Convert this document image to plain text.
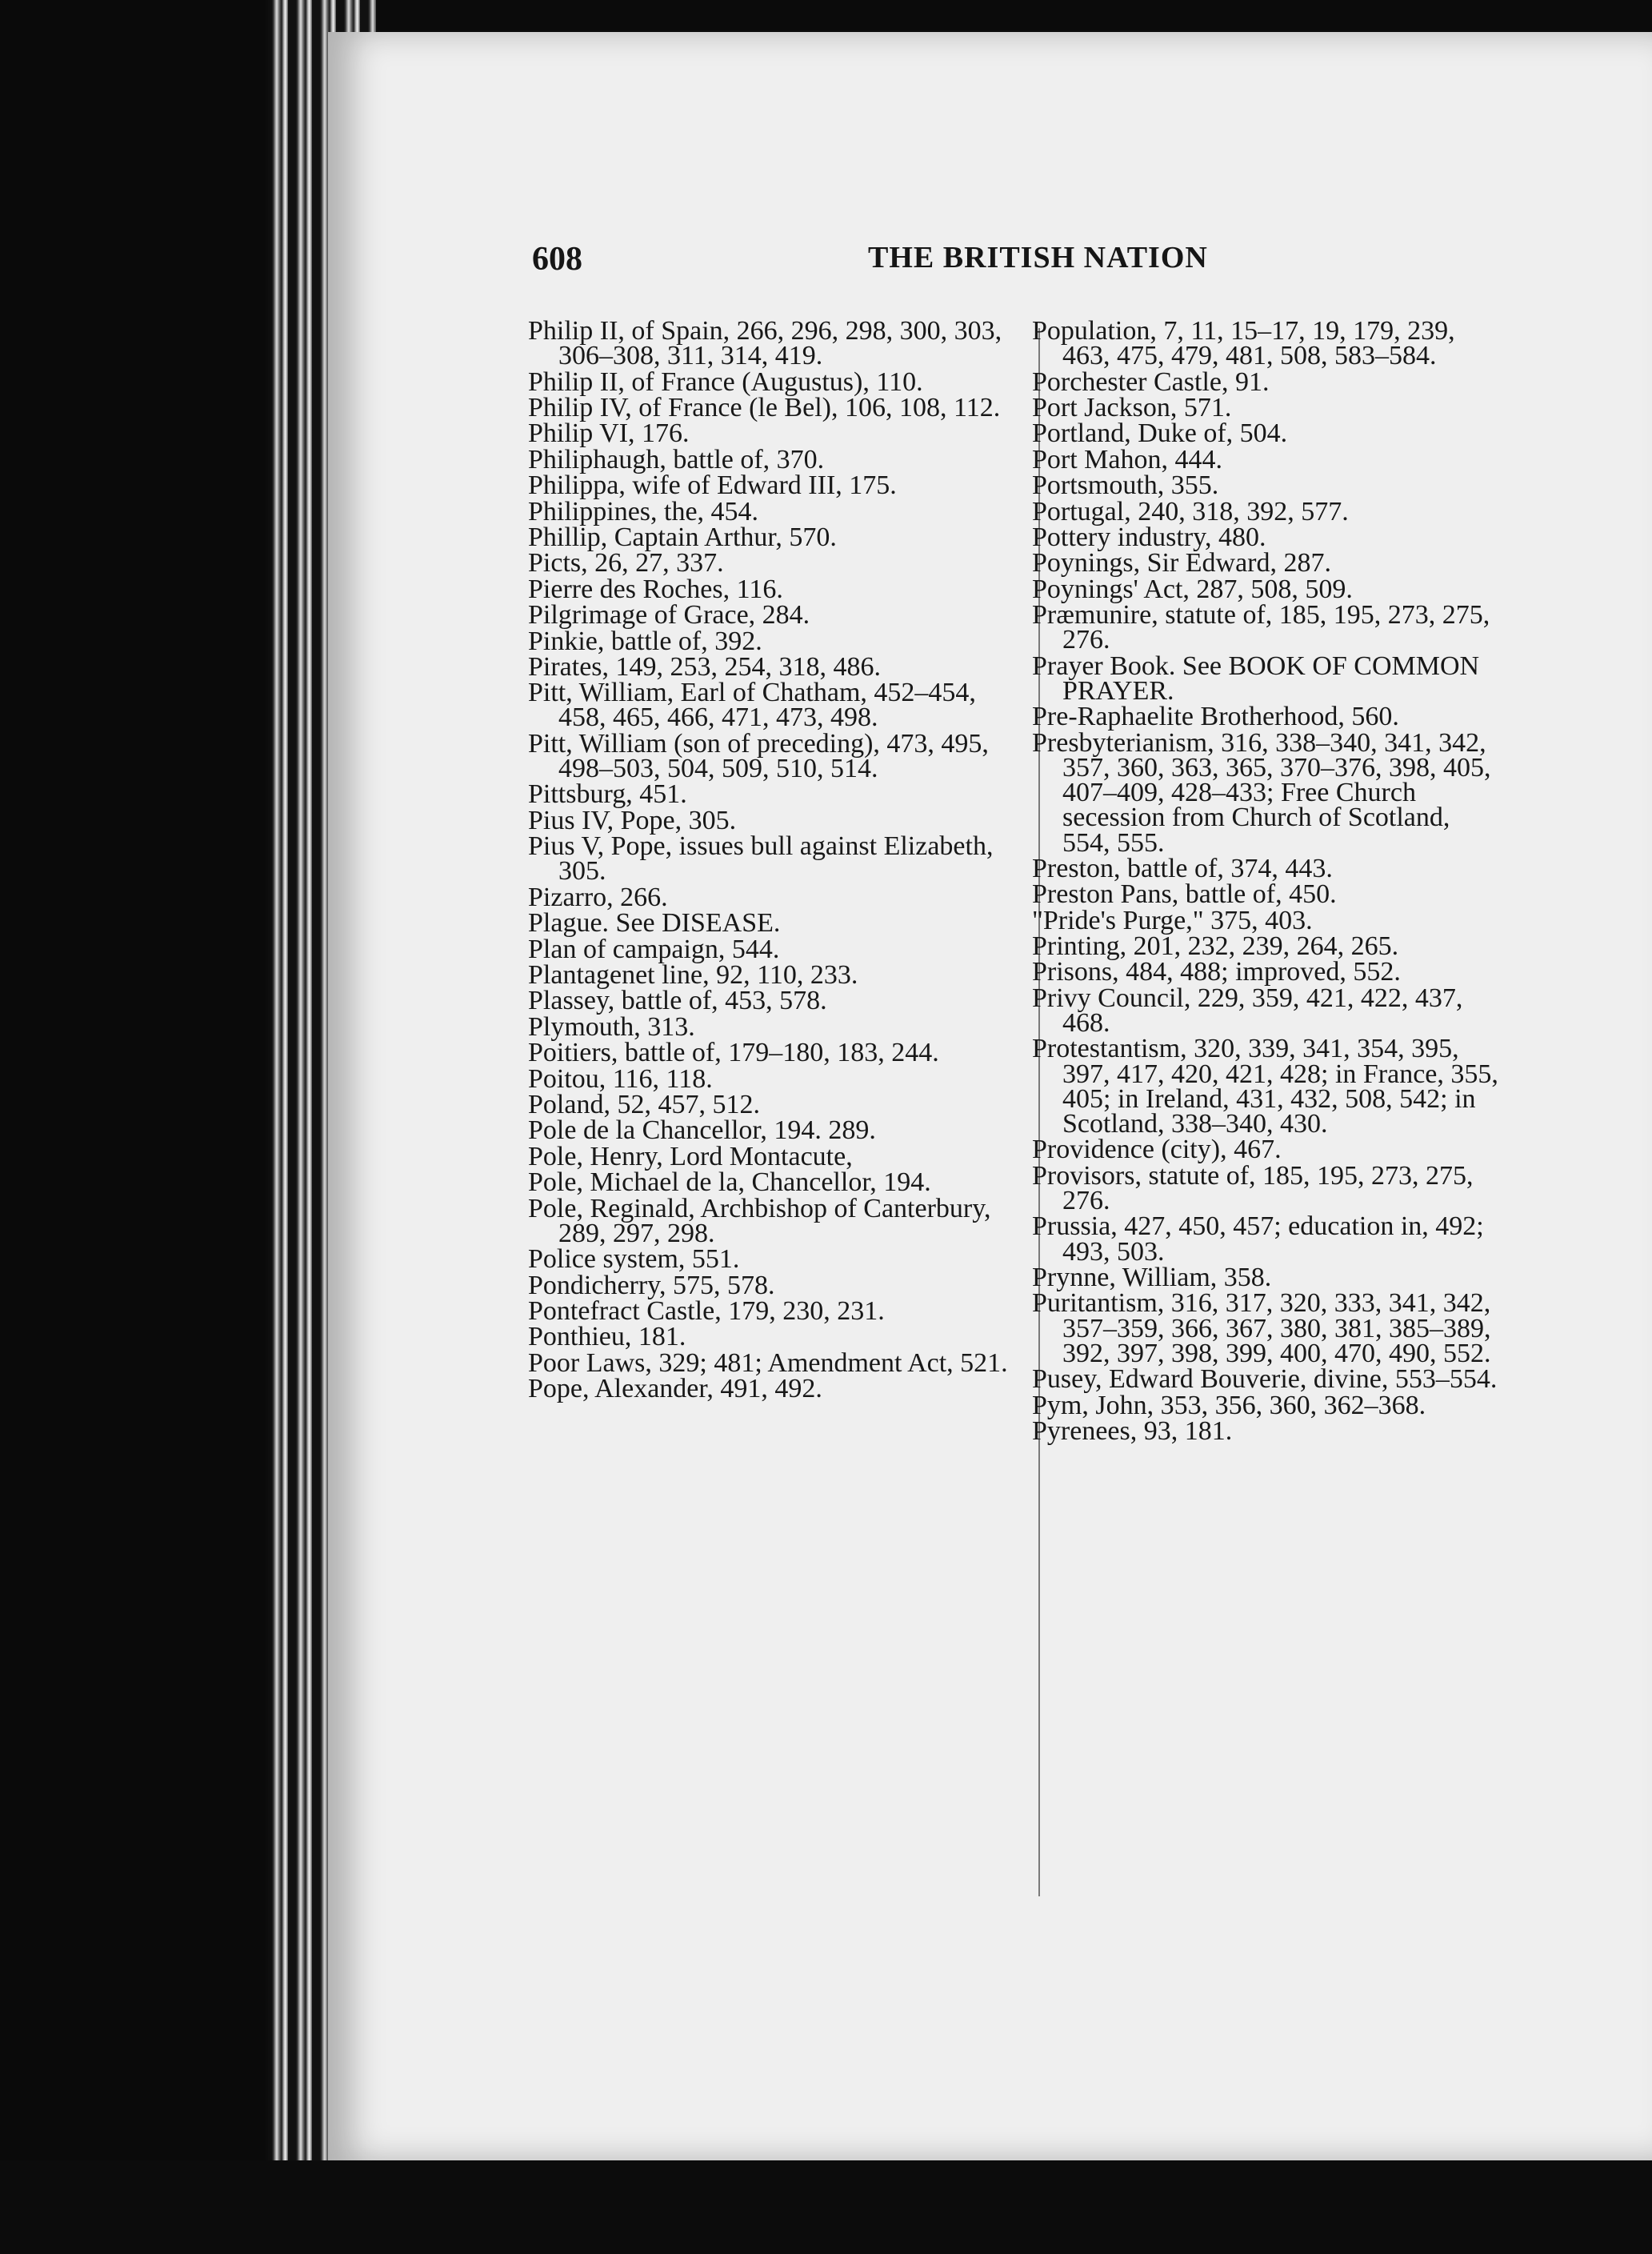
608	THE BRITISH NATION
Philip II, of Spain, 266, 296, 298, 300, 303, 306–308, 311, 314, 419.
Philip II, of France (Augustus), 110.
Philip IV, of France (le Bel), 106, 108, 112.
Philip VI, 176.
Philiphaugh, battle of, 370.
Philippa, wife of Edward III, 175.
Philippines, the, 454.
Phillip, Captain Arthur, 570.
Picts, 26, 27, 337.
Pierre des Roches, 116.
Pilgrimage of Grace, 284.
Pinkie, battle of, 392.
Pirates, 149, 253, 254, 318, 486.
Pitt, William, Earl of Chatham, 452–454, 458, 465, 466, 471, 473, 498.
Pitt, William (son of preceding), 473, 495, 498–503, 504, 509, 510, 514.
Pittsburg, 451.
Pius IV, Pope, 305.
Pius V, Pope, issues bull against Elizabeth, 305.
Pizarro, 266.
Plague. See DISEASE.
Plan of campaign, 544.
Plantagenet line, 92, 110, 233.
Plassey, battle of, 453, 578.
Plymouth, 313.
Poitiers, battle of, 179–180, 183, 244.
Poitou, 116, 118.
Poland, 52, 457, 512.
Pole de la Chancellor, 194. 289.
Pole, Henry, Lord Montacute,
Pole, Michael de la, Chancellor, 194.
Pole, Reginald, Archbishop of Canterbury, 289, 297, 298.
Police system, 551.
Pondicherry, 575, 578.
Pontefract Castle, 179, 230, 231.
Ponthieu, 181.
Poor Laws, 329; 481; Amendment Act, 521.
Pope, Alexander, 491, 492.
Population, 7, 11, 15–17, 19, 179, 239, 463, 475, 479, 481, 508, 583–584.
Porchester Castle, 91.
Port Jackson, 571.
Portland, Duke of, 504.
Port Mahon, 444.
Portsmouth, 355.
Portugal, 240, 318, 392, 577.
Pottery industry, 480.
Poynings, Sir Edward, 287.
Poynings' Act, 287, 508, 509.
Præmunire, statute of, 185, 195, 273, 275, 276.
Prayer Book. See BOOK OF COMMON PRAYER.
Pre-Raphaelite Brotherhood, 560.
Presbyterianism, 316, 338–340, 341, 342, 357, 360, 363, 365, 370–376, 398, 405, 407–409, 428–433; Free Church secession from Church of Scotland, 554, 555.
Preston, battle of, 374, 443.
Preston Pans, battle of, 450.
"Pride's Purge," 375, 403.
Printing, 201, 232, 239, 264, 265.
Prisons, 484, 488; improved, 552.
Privy Council, 229, 359, 421, 422, 437, 468.
Protestantism, 320, 339, 341, 354, 395, 397, 417, 420, 421, 428; in France, 355, 405; in Ireland, 431, 432, 508, 542; in Scotland, 338–340, 430.
Providence (city), 467.
Provisors, statute of, 185, 195, 273, 275, 276.
Prussia, 427, 450, 457; education in, 492; 493, 503.
Prynne, William, 358.
Puritantism, 316, 317, 320, 333, 341, 342, 357–359, 366, 367, 380, 381, 385–389, 392, 397, 398, 399, 400, 470, 490, 552.
Pusey, Edward Bouverie, divine, 553–554.
Pym, John, 353, 356, 360, 362–368.
Pyrenees, 93, 181.
